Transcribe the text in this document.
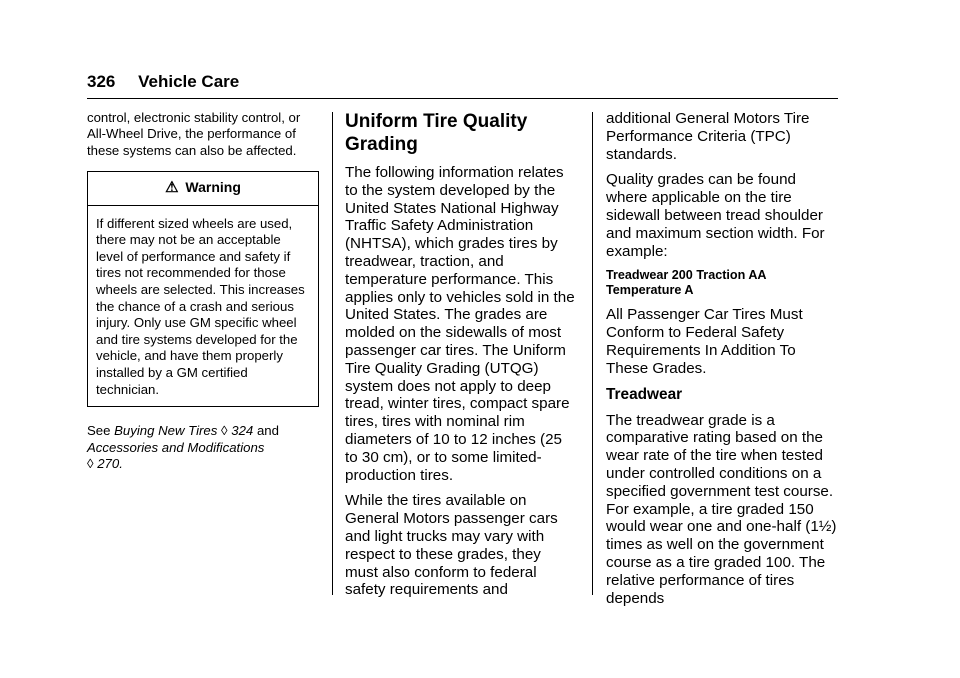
326 Vehicle Care

control, electronic stability control, or All-Wheel Drive, the performance of these systems can also be affected.

⚠ Warning
If different sized wheels are used, there may not be an acceptable level of performance and safety if tires not recommended for those wheels are selected. This increases the chance of a crash and serious injury. Only use GM specific wheel and tire systems developed for the vehicle, and have them properly installed by a GM certified technician.

See Buying New Tires ◊ 324 and
Accessories and Modifications
◊ 270.

Uniform Tire Quality Grading

The following information relates to the system developed by the United States National Highway Traffic Safety Administration (NHTSA), which grades tires by treadwear, traction, and temperature performance. This applies only to vehicles sold in the United States. The grades are molded on the sidewalls of most passenger car tires. The Uniform Tire Quality Grading (UTQG) system does not apply to deep tread, winter tires, compact spare tires, tires with nominal rim diameters of 10 to 12 inches (25 to 30 cm), or to some limited-production tires.

While the tires available on General Motors passenger cars and light trucks may vary with respect to these grades, they must also conform to federal safety requirements and

additional General Motors Tire Performance Criteria (TPC) standards.

Quality grades can be found where applicable on the tire sidewall between tread shoulder and maximum section width. For example:

Treadwear 200 Traction AA
Temperature A

All Passenger Car Tires Must Conform to Federal Safety Requirements In Addition To These Grades.

Treadwear

The treadwear grade is a comparative rating based on the wear rate of the tire when tested under controlled conditions on a specified government test course. For example, a tire graded 150 would wear one and one-half (1½) times as well on the government course as a tire graded 100. The relative performance of tires depends
